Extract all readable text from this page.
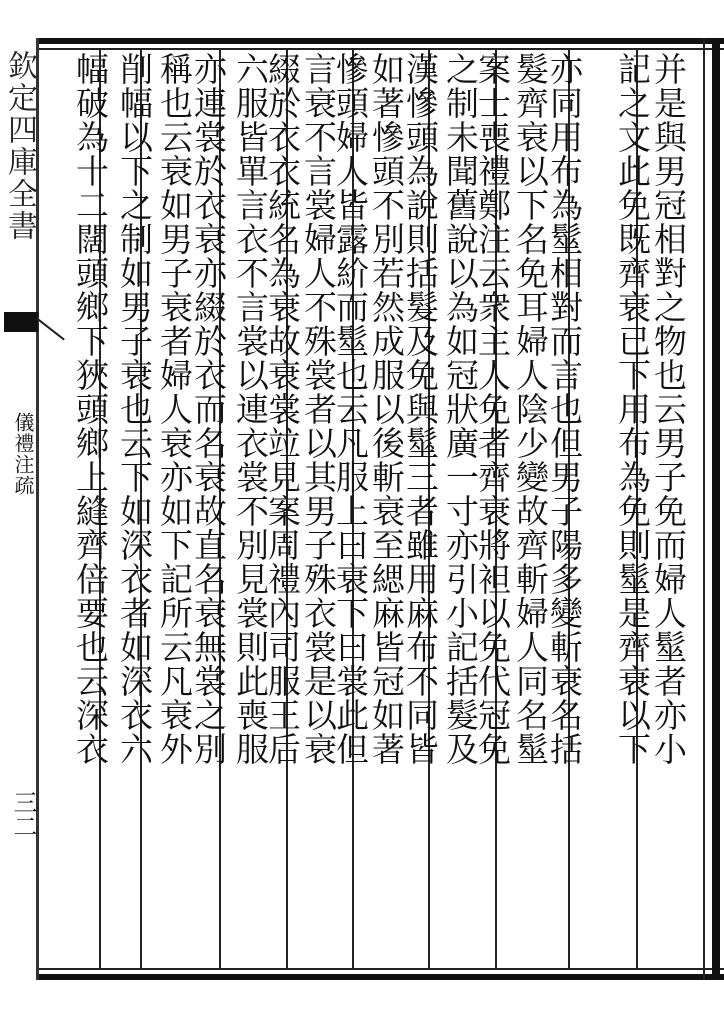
欽定四庫全書
儀禮注疏
三二
并是與男冠相對之物也云男子免而婦人髽者亦小
記之文此免既齊衰已下用布為免則髽是齊衰以下
亦同用布為髽相對而言也但男子陽多變斬衰名括
髮齊衰以下名免耳婦人陰少變故齊斬婦人同名髽
案士喪禮鄭注云衆主人免者齊衰將袒以免代冠免
之制未聞舊說以為如冠狀廣一寸亦引小記括髮及
漢慘頭為說則括髮及免與髽三者雖用麻布不同皆
如著慘頭不別若然成服以後斬衰至緦麻皆冠如著
慘頭婦人皆露紒而髽也云凡服上曰衰下曰裳此但
言衰不言裳婦人不殊裳者以其男子殊衣裳是以衰
綴於衣衣統名為衰故衰裳竝見案周禮內司服王后
六服皆單言衣不言裳以連衣裳不別見裳則此喪服
亦連裳於衣衰亦綴於衣而名衰故直名衰無裳之別
稱也云衰如男子衰者婦人衰亦如下記所云凡衰外
削幅以下之制如男子衰也云下如深衣者如深衣六
幅破為十二闊頭鄉下狹頭鄉上縫齊倍要也云深衣
